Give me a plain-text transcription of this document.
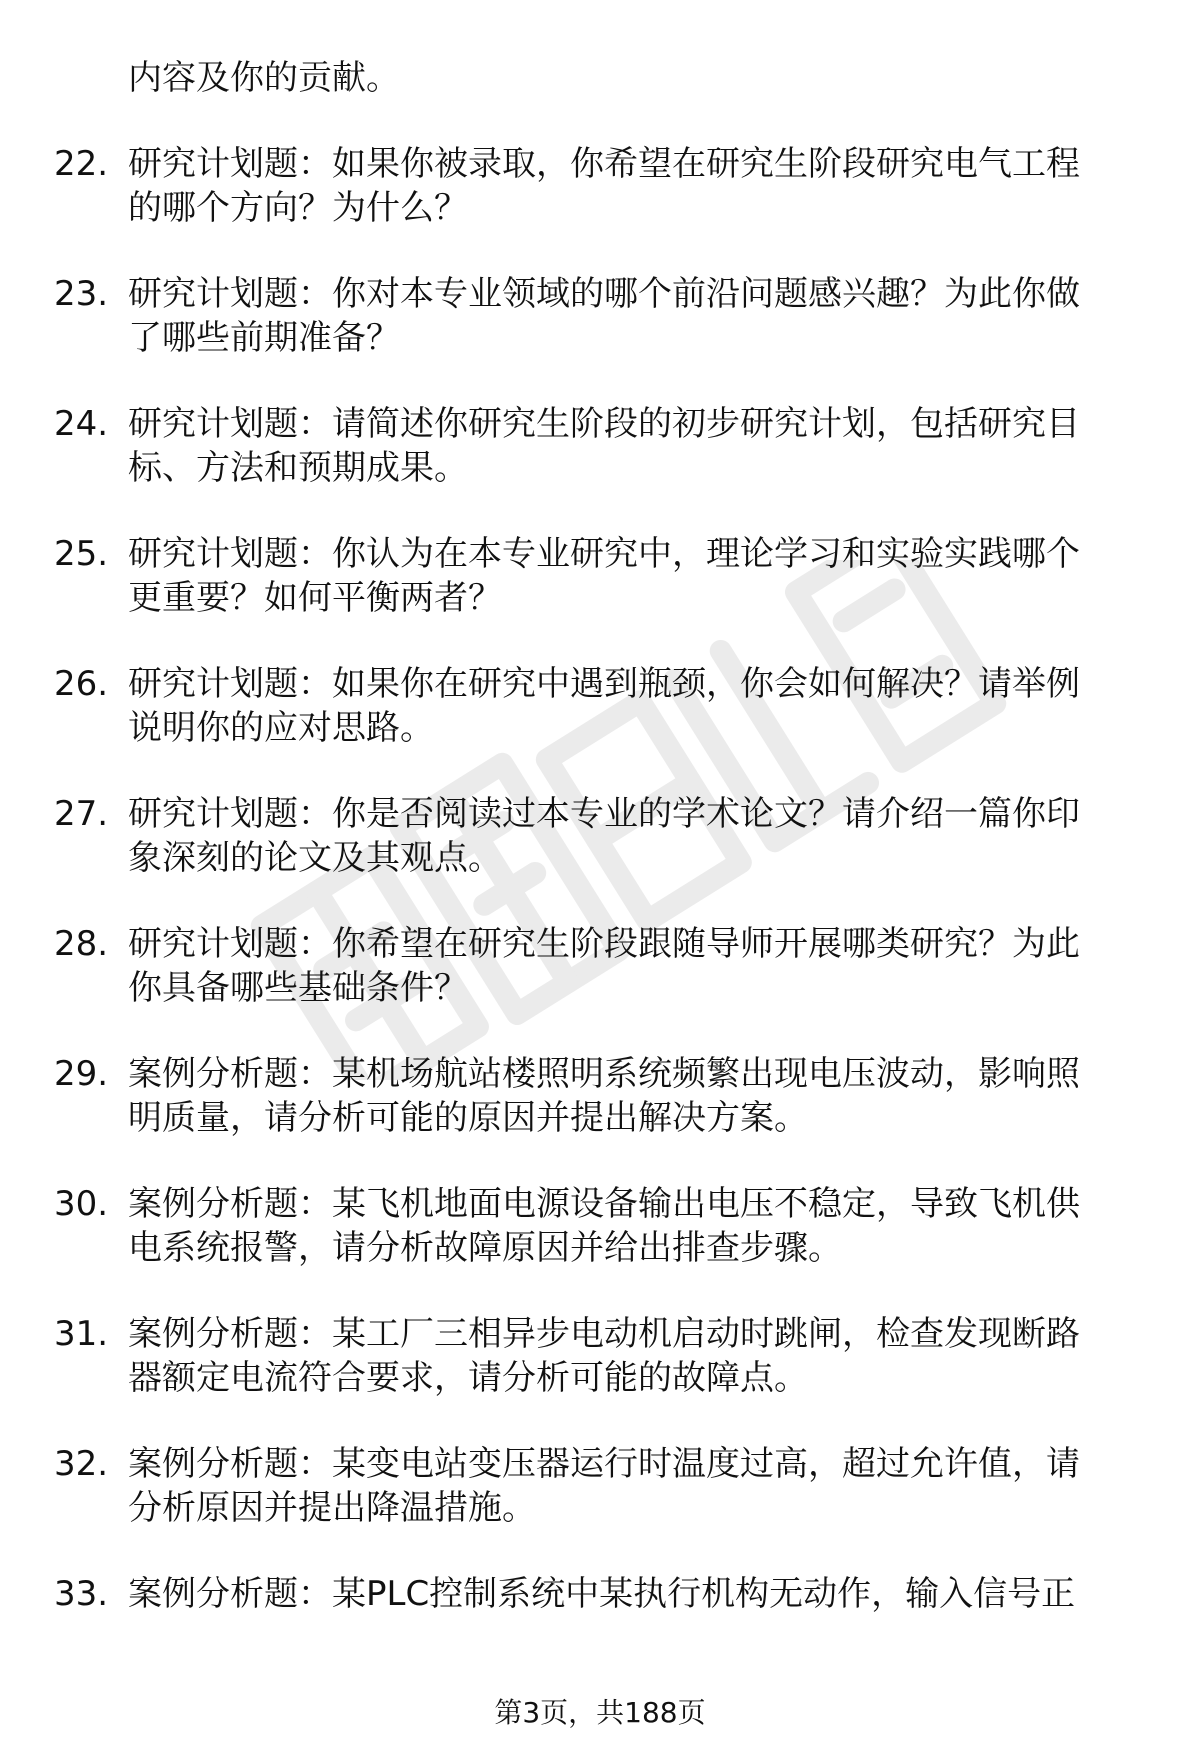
内容及你的贡献。
22. 研究计划题：如果你被录取，你希望在研究生阶段研究电气工程
的哪个方向？为什么？
23. 研究计划题：你对本专业领域的哪个前沿问题感兴趣？为此你做
了哪些前期准备？
24. 研究计划题：请简述你研究生阶段的初步研究计划，包括研究目
标、方法和预期成果。
25. 研究计划题：你认为在本专业研究中，理论学习和实验实践哪个
更重要？如何平衡两者？
26. 研究计划题：如果你在研究中遇到瓶颈，你会如何解决？请举例
说明你的应对思路。
27. 研究计划题：你是否阅读过本专业的学术论文？请介绍一篇你印
象深刻的论文及其观点。
28. 研究计划题：你希望在研究生阶段跟随导师开展哪类研究？为此
你具备哪些基础条件？
29. 案例分析题：某机场航站楼照明系统频繁出现电压波动，影响照
明质量，请分析可能的原因并提出解决方案。
30. 案例分析题：某飞机地面电源设备输出电压不稳定，导致飞机供
电系统报警，请分析故障原因并给出排查步骤。
31. 案例分析题：某工厂三相异步电动机启动时跳闸，检查发现断路
器额定电流符合要求，请分析可能的故障点。
32. 案例分析题：某变电站变压器运行时温度过高，超过允许值，请
分析原因并提出降温措施。
33. 案例分析题：某PLC控制系统中某执行机构无动作，输入信号正
第3页，共188页
